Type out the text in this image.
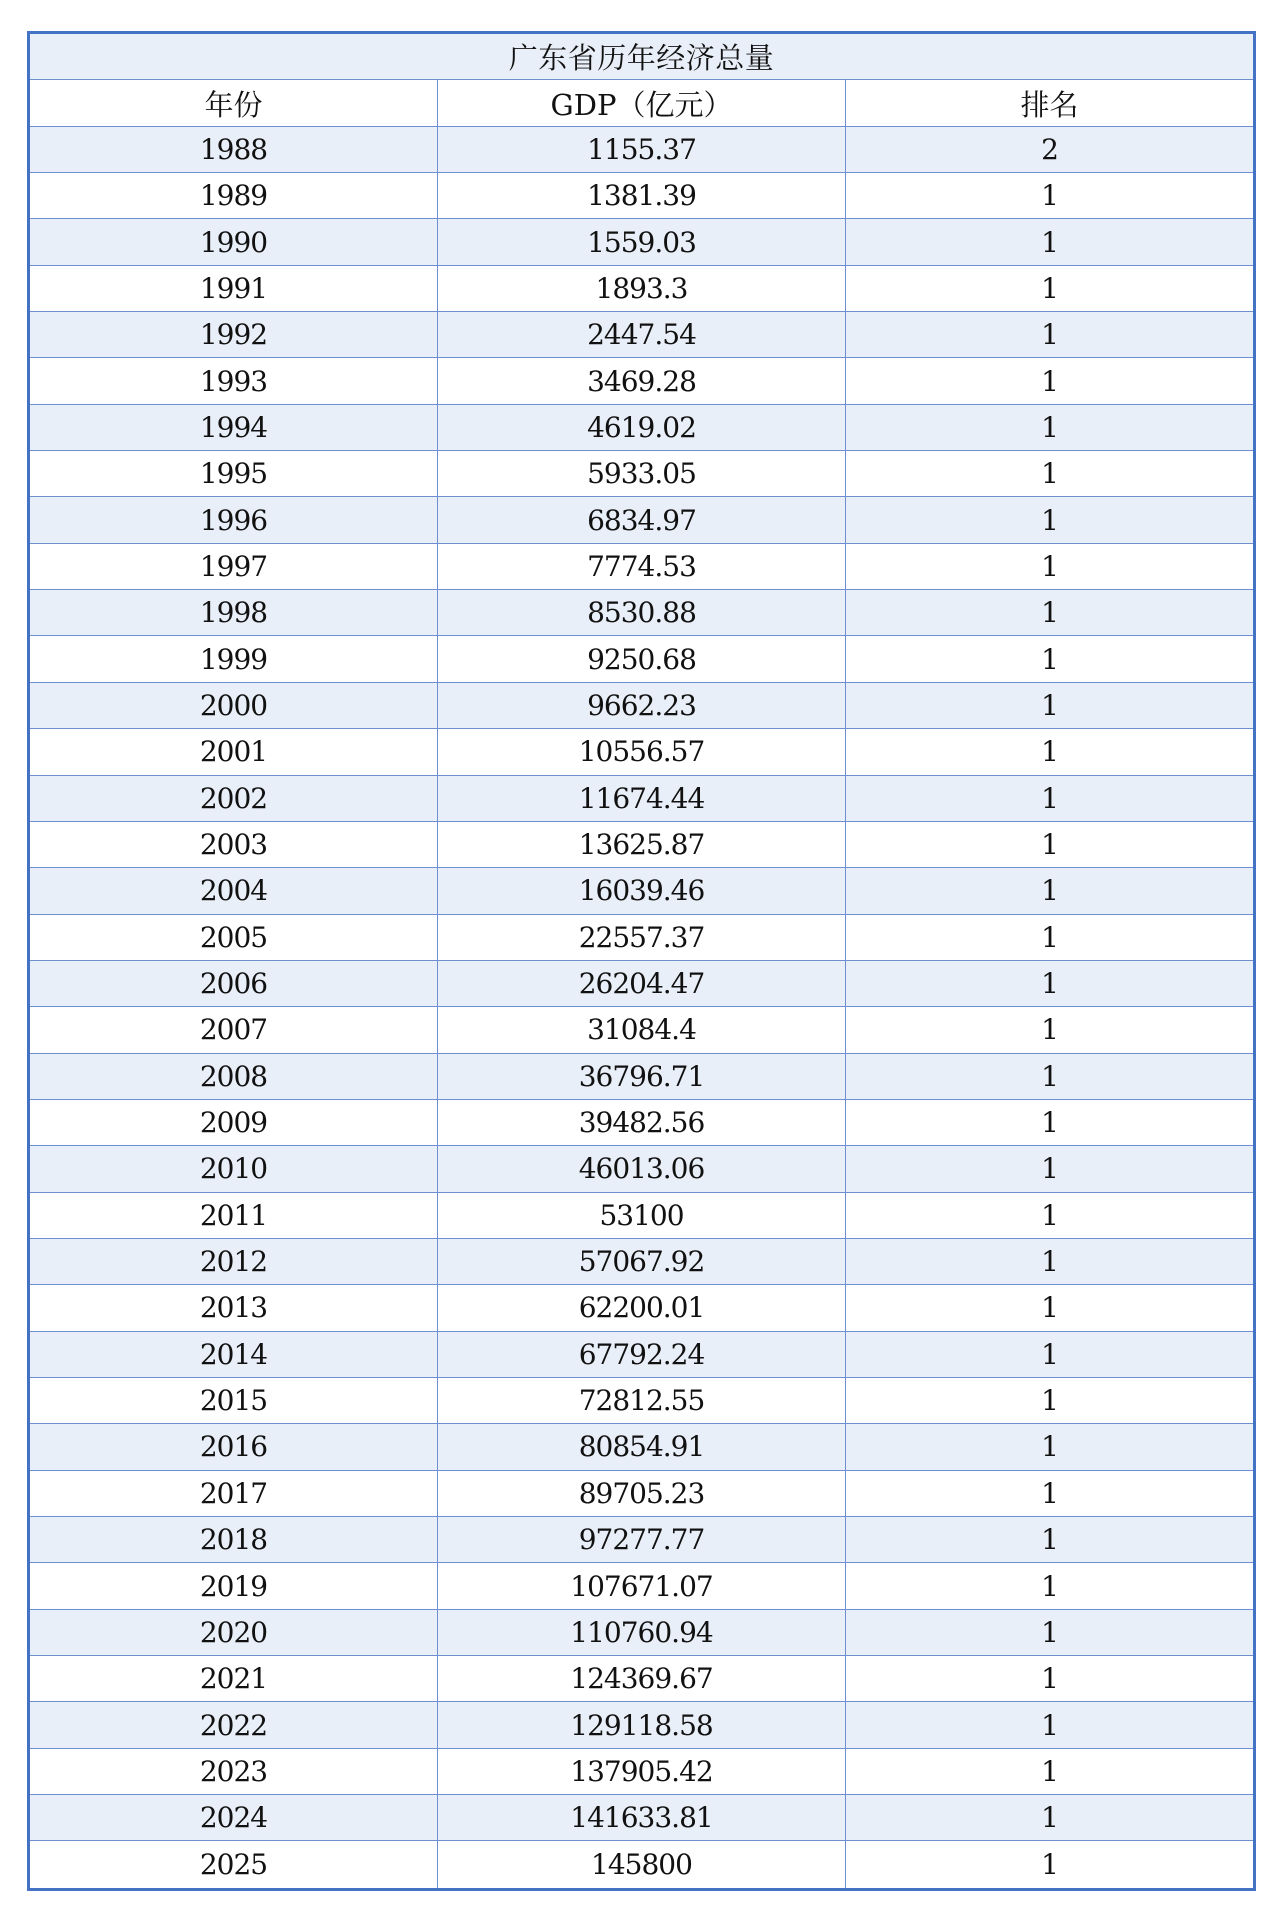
广东省历年经济总量
年份	GDP（亿元）	排名
1988	1155.37	2
1989	1381.39	1
1990	1559.03	1
1991	1893.3	1
1992	2447.54	1
1993	3469.28	1
1994	4619.02	1
1995	5933.05	1
1996	6834.97	1
1997	7774.53	1
1998	8530.88	1
1999	9250.68	1
2000	9662.23	1
2001	10556.57	1
2002	11674.44	1
2003	13625.87	1
2004	16039.46	1
2005	22557.37	1
2006	26204.47	1
2007	31084.4	1
2008	36796.71	1
2009	39482.56	1
2010	46013.06	1
2011	53100	1
2012	57067.92	1
2013	62200.01	1
2014	67792.24	1
2015	72812.55	1
2016	80854.91	1
2017	89705.23	1
2018	97277.77	1
2019	107671.07	1
2020	110760.94	1
2021	124369.67	1
2022	129118.58	1
2023	137905.42	1
2024	141633.81	1
2025	145800	1
